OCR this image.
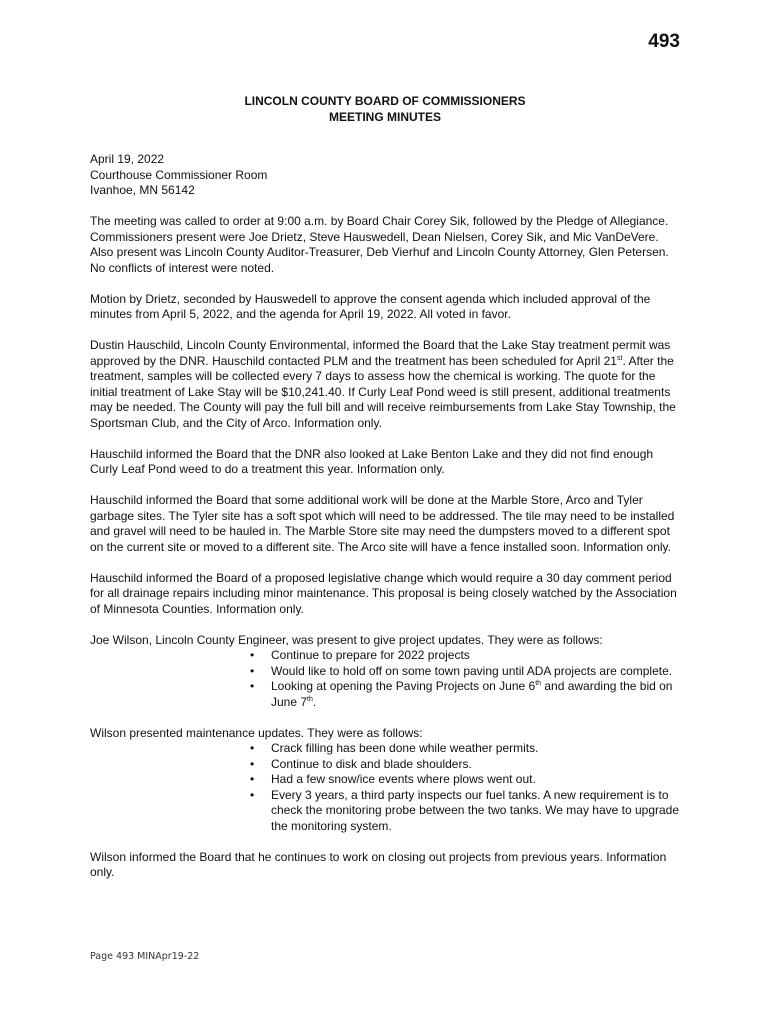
493
LINCOLN COUNTY BOARD OF COMMISSIONERS
MEETING MINUTES

April 19, 2022
Courthouse Commissioner Room
Ivanhoe, MN 56142

The meeting was called to order at 9:00 a.m. by Board Chair Corey Sik, followed by the Pledge of Allegiance. Commissioners present were Joe Drietz, Steve Hauswedell, Dean Nielsen, Corey Sik, and Mic VanDeVere. Also present was Lincoln County Auditor-Treasurer, Deb Vierhuf and Lincoln County Attorney, Glen Petersen. No conflicts of interest were noted.

Motion by Drietz, seconded by Hauswedell to approve the consent agenda which included approval of the minutes from April 5, 2022, and the agenda for April 19, 2022. All voted in favor.

Dustin Hauschild, Lincoln County Environmental, informed the Board that the Lake Stay treatment permit was approved by the DNR. Hauschild contacted PLM and the treatment has been scheduled for April 21st. After the treatment, samples will be collected every 7 days to assess how the chemical is working. The quote for the initial treatment of Lake Stay will be $10,241.40. If Curly Leaf Pond weed is still present, additional treatments may be needed. The County will pay the full bill and will receive reimbursements from Lake Stay Township, the Sportsman Club, and the City of Arco. Information only.

Hauschild informed the Board that the DNR also looked at Lake Benton Lake and they did not find enough Curly Leaf Pond weed to do a treatment this year. Information only.

Hauschild informed the Board that some additional work will be done at the Marble Store, Arco and Tyler garbage sites. The Tyler site has a soft spot which will need to be addressed. The tile may need to be installed and gravel will need to be hauled in. The Marble Store site may need the dumpsters moved to a different spot on the current site or moved to a different site. The Arco site will have a fence installed soon. Information only.

Hauschild informed the Board of a proposed legislative change which would require a 30 day comment period for all drainage repairs including minor maintenance. This proposal is being closely watched by the Association of Minnesota Counties. Information only.

Joe Wilson, Lincoln County Engineer, was present to give project updates. They were as follows:
• Continue to prepare for 2022 projects
• Would like to hold off on some town paving until ADA projects are complete.
• Looking at opening the Paving Projects on June 6th and awarding the bid on June 7th.
Wilson presented maintenance updates. They were as follows:
• Crack filling has been done while weather permits.
• Continue to disk and blade shoulders.
• Had a few snow/ice events where plows went out.
• Every 3 years, a third party inspects our fuel tanks. A new requirement is to check the monitoring probe between the two tanks. We may have to upgrade the monitoring system.

Wilson informed the Board that he continues to work on closing out projects from previous years. Information only.

Page 493 MINApr19-22
